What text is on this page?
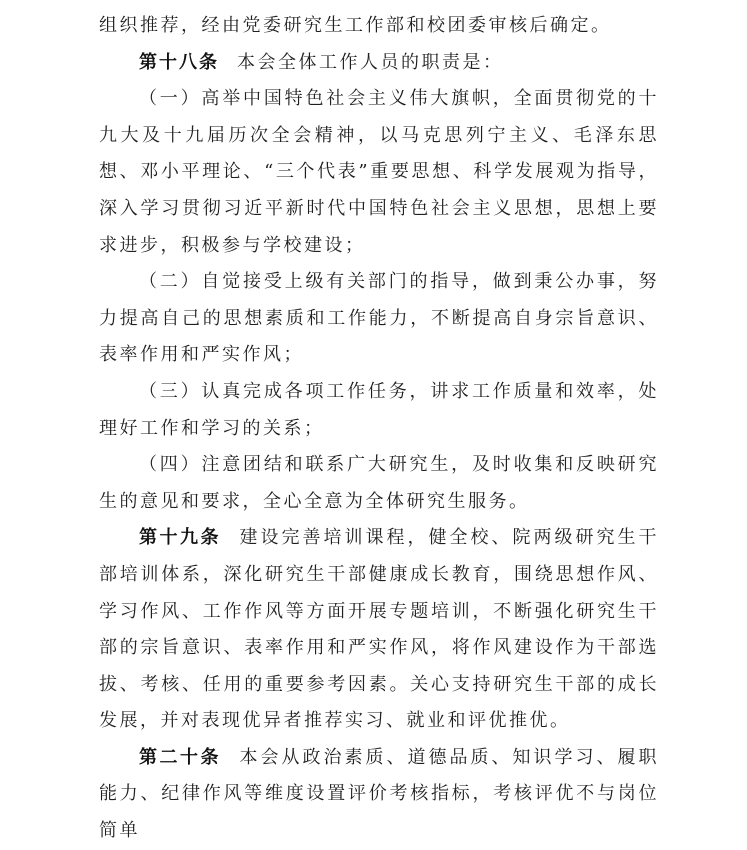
组织推荐，经由党委研究生工作部和校团委审核后确定。

第十八条 本会全体工作人员的职责是：

（一）高举中国特色社会主义伟大旗帜，全面贯彻党的十九大及十九届历次全会精神，以马克思列宁主义、毛泽东思想、邓小平理论、“三个代表”重要思想、科学发展观为指导，深入学习贯彻习近平新时代中国特色社会主义思想，思想上要求进步，积极参与学校建设；

（二）自觉接受上级有关部门的指导，做到秉公办事，努力提高自己的思想素质和工作能力，不断提高自身宗旨意识、表率作用和严实作风；

（三）认真完成各项工作任务，讲求工作质量和效率，处理好工作和学习的关系；

（四）注意团结和联系广大研究生，及时收集和反映研究生的意见和要求，全心全意为全体研究生服务。

第十九条 建设完善培训课程，健全校、院两级研究生干部培训体系，深化研究生干部健康成长教育，围绕思想作风、学习作风、工作作风等方面开展专题培训，不断强化研究生干部的宗旨意识、表率作用和严实作风，将作风建设作为干部选拔、考核、任用的重要参考因素。关心支持研究生干部的成长发展，并对表现优异者推荐实习、就业和评优推优。

第二十条 本会从政治素质、道德品质、知识学习、履职能力、纪律作风等维度设置评价考核指标，考核评优不与岗位简单
